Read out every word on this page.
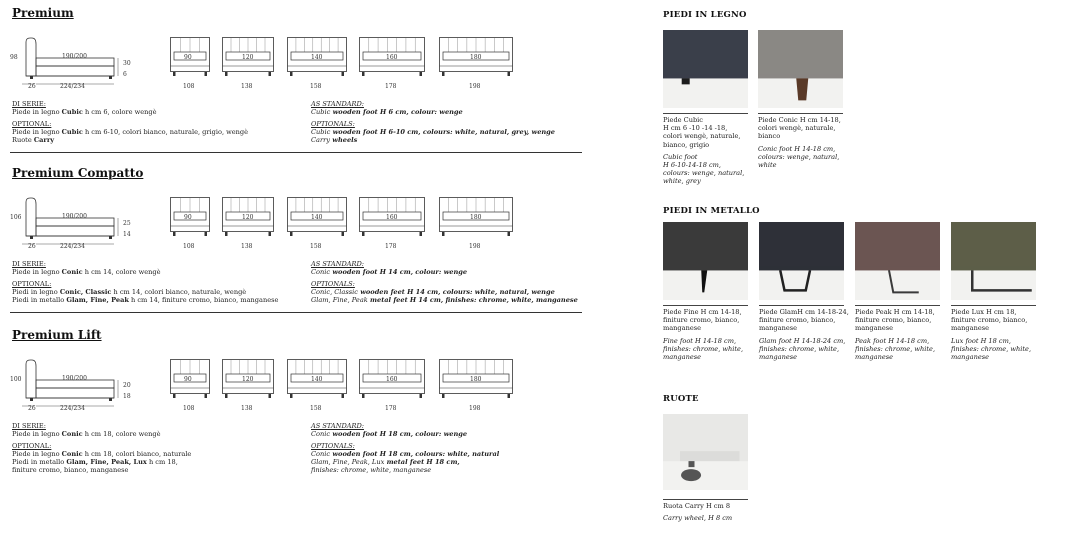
Premium
98	190/200
30
6
26	224/234
90
108
120
138
140
158
160
178
180
198
DI SERIE:
Piede in legno Cubic h cm 6, colore wengè
OPTIONAL:
Piede in legno Cubic h cm 6-10, colori bianco, naturale, grigio, wengè
Ruote Carry
AS STANDARD:
Cubic wooden foot H 6 cm, colour: wenge
OPTIONALS:
Cubic wooden foot H 6-10 cm, colours: white, natural, grey, wenge
Carry wheels
Premium Compatto
106	190/200
25
14
26	224/234
90
108
120
138
140
158
160
178
180
198
DI SERIE:
Piede in legno Conic h cm 14, colore wengè
OPTIONAL:
Piedi in legno Conic, Classic h cm 14, colori bianco, naturale, wengè
Piedi in metallo Glam, Fine, Peak h cm 14, finiture cromo, bianco, manganese
AS STANDARD:
Conic wooden foot H 14 cm, colour: wenge
OPTIONALS:
Conic, Classic wooden feet H 14 cm, colours: white, natural, wenge
Glam, Fine, Peak metal feet H 14 cm, finishes: chrome, white, manganese
Premium Lift
100	190/200
20
18
26	224/234
90
108
120
138
140
158
160
178
180
198
DI SERIE:
Piede in legno Conic h cm 18, colore wengè
OPTIONAL:
Piede in legno Conic h cm 18, colori bianco, naturale
Piedi in metallo Glam, Fine, Peak, Lux h cm 18,
finiture cromo, bianco, manganese
AS STANDARD:
Conic wooden foot H 18 cm, colour: wenge
OPTIONALS:
Conic wooden foot H 18 cm, colours: white, natural
Glam, Fine, Peak, Lux metal feet H 18 cm,
finishes: chrome, white, manganese
PIEDI IN LEGNO
PIEDI IN METALLO
RUOTE
Piede Cubic
H cm 6 -10 -14 -18,
colori wengè, naturale,
bianco, grigio
Cubic foot
H 6-10-14-18 cm,
colours: wenge, natural,
white, grey
Piede Conic H cm 14-18,
colori wengè, naturale,
bianco
Conic foot H 14-18 cm,
colours: wenge, natural,
white
Piede Fine H cm 14-18,
finiture cromo, bianco,
manganese
Fine foot H 14-18 cm,
finishes: chrome, white,
manganese
Piede GlamH cm 14-18-24,
finiture cromo, bianco,
manganese
Glam foot H 14-18-24 cm,
finishes: chrome, white,
manganese
Piede Peak H cm 14-18,
finiture cromo, bianco,
manganese
Peak foot H 14-18 cm,
finishes: chrome, white,
manganese
Piede Lux H cm 18,
finiture cromo, bianco,
manganese
Lux foot H 18 cm,
finishes: chrome, white,
manganese
Ruota Carry H cm 8
Carry wheel, H 8 cm
